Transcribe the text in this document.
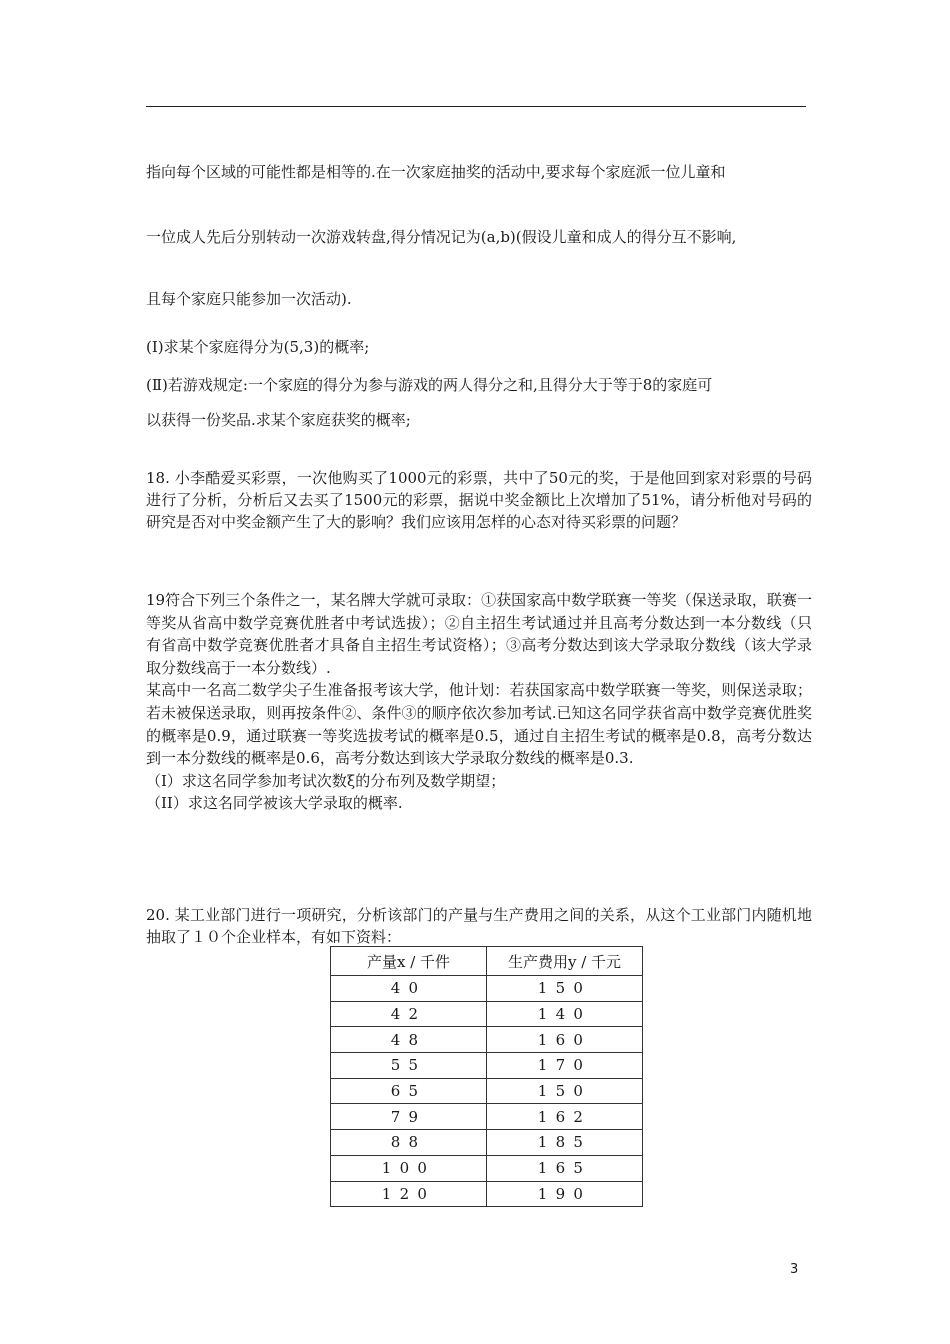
指向每个区域的可能性都是相等的.在一次家庭抽奖的活动中,要求每个家庭派一位儿童和
一位成人先后分别转动一次游戏转盘,得分情况记为(a,b)(假设儿童和成人的得分互不影响,
且每个家庭只能参加一次活动).
(Ⅰ)求某个家庭得分为(5,3)的概率;
(Ⅱ)若游戏规定:一个家庭的得分为参与游戏的两人得分之和,且得分大于等于8的家庭可
以获得一份奖品.求某个家庭获奖的概率;
18. 小李酷爱买彩票，一次他购买了1000元的彩票，共中了50元的奖，于是他回到家对彩票的号码进行了分析，分析后又去买了1500元的彩票，据说中奖金额比上次增加了51%，请分析他对号码的研究是否对中奖金额产生了大的影响？我们应该用怎样的心态对待买彩票的问题？
19符合下列三个条件之一，某名牌大学就可录取：①获国家高中数学联赛一等奖（保送录取，联赛一等奖从省高中数学竞赛优胜者中考试选拔）；②自主招生考试通过并且高考分数达到一本分数线（只有省高中数学竞赛优胜者才具备自主招生考试资格）；③高考分数达到该大学录取分数线（该大学录取分数线高于一本分数线）.
某高中一名高二数学尖子生准备报考该大学，他计划：若获国家高中数学联赛一等奖，则保送录取；若未被保送录取，则再按条件②、条件③的顺序依次参加考试.已知这名同学获省高中数学竞赛优胜奖的概率是0.9，通过联赛一等奖选拔考试的概率是0.5，通过自主招生考试的概率是0.8，高考分数达到一本分数线的概率是0.6，高考分数达到该大学录取分数线的概率是0.3.
（I）求这名同学参加考试次数ξ的分布列及数学期望；
（II）求这名同学被该大学录取的概率.
20. 某工业部门进行一项研究，分析该部门的产量与生产费用之间的关系，从这个工业部门内随机地抽取了１０个企业样本，有如下资料：
产量x / 千件	生产费用y / 千元
40	150
42	140
48	160
55	170
65	150
79	162
88	185
100	165
120	190
3
